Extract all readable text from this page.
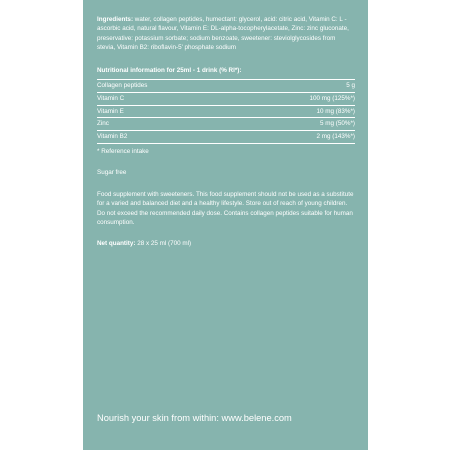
Ingredients: water, collagen peptides, humectant: glycerol, acid: citric acid, Vitamin C: L -ascorbic acid, natural flavour, Vitamin E: DL-alpha-tocopherylacetate, Zinc: zinc gluconate, preservative: potassium sorbate; sodium benzoate, sweetener: steviolglycosides from stevia, Vitamin B2: riboflavin-5' phosphate sodium

Nutritional information for 25ml - 1 drink (% RI*):
Collagen peptides	5 g
Vitamin C	100 mg (125%*)
Vitamin E	10 mg (83%*)
Zinc	5 mg (50%*)
Vitamin B2	2 mg (143%*)
* Reference intake
Sugar free
Food supplement with sweeteners. This food supplement should not be used as a substitute for a varied and balanced diet and a healthy lifestyle. Store out of reach of young children. Do not exceed the recommended daily dose. Contains collagen peptides suitable for human consumption.
Net quantity: 28 x 25 ml (700 ml)
Nourish your skin from within: www.belene.com
